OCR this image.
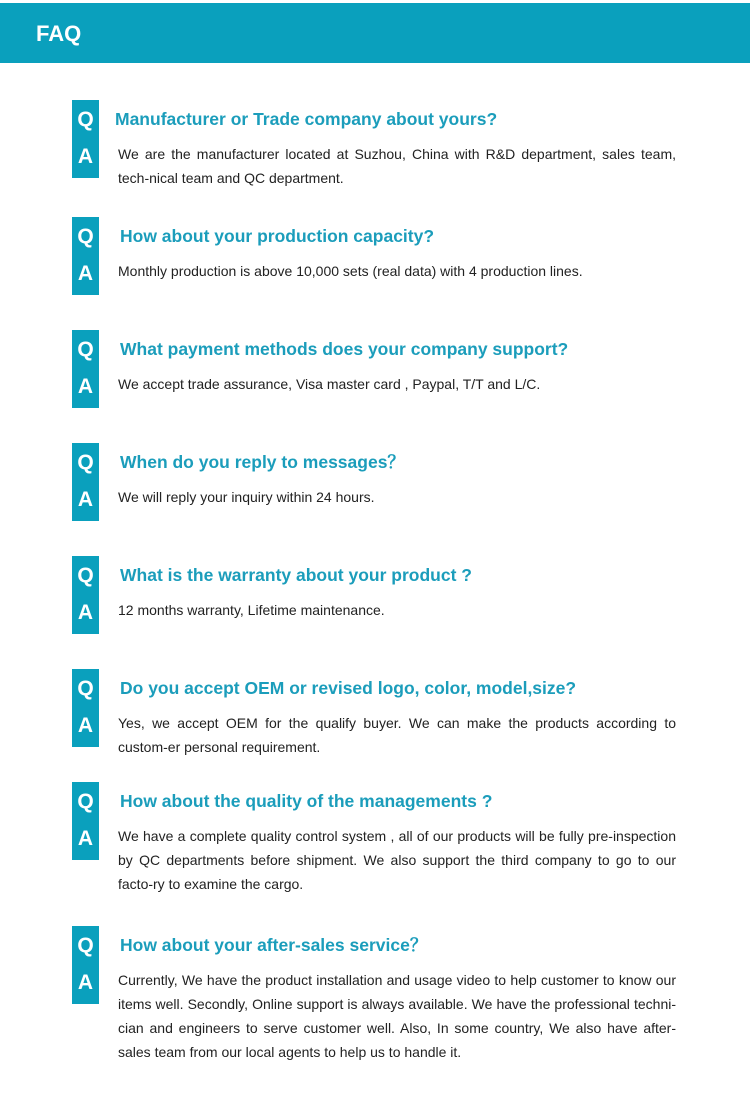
FAQ
Q
A
Manufacturer or Trade company about yours?
We are the manufacturer located at Suzhou, China with R&D department, sales team, tech-nical team and QC department.
Q
A
How about your production capacity?
Monthly production is above 10,000 sets (real data) with 4 production lines.
Q
A
What payment methods does your company support?
We accept trade assurance, Visa master card , Paypal, T/T and L/C.
Q
A
When do you reply to messages？
We will reply your inquiry within 24 hours.
Q
A
What is the warranty about your product ?
12 months warranty, Lifetime maintenance.
Q
A
Do you accept OEM or revised logo, color, model,size?
Yes, we accept OEM for the qualify buyer. We can make the products according to custom-er personal requirement.
Q
A
How about the quality of the managements ?
We have a complete quality control system , all of our products will be fully pre-inspection by QC departments before shipment. We also support the third company to go to our facto-ry to examine the cargo.
Q
A
How about your after-sales service？
Currently, We have the product installation and usage video to help customer to know our items well. Secondly, Online support is always available. We have the professional techni-cian and engineers to serve customer well. Also, In some country, We also have after-sales team from our local agents to help us to handle it.
